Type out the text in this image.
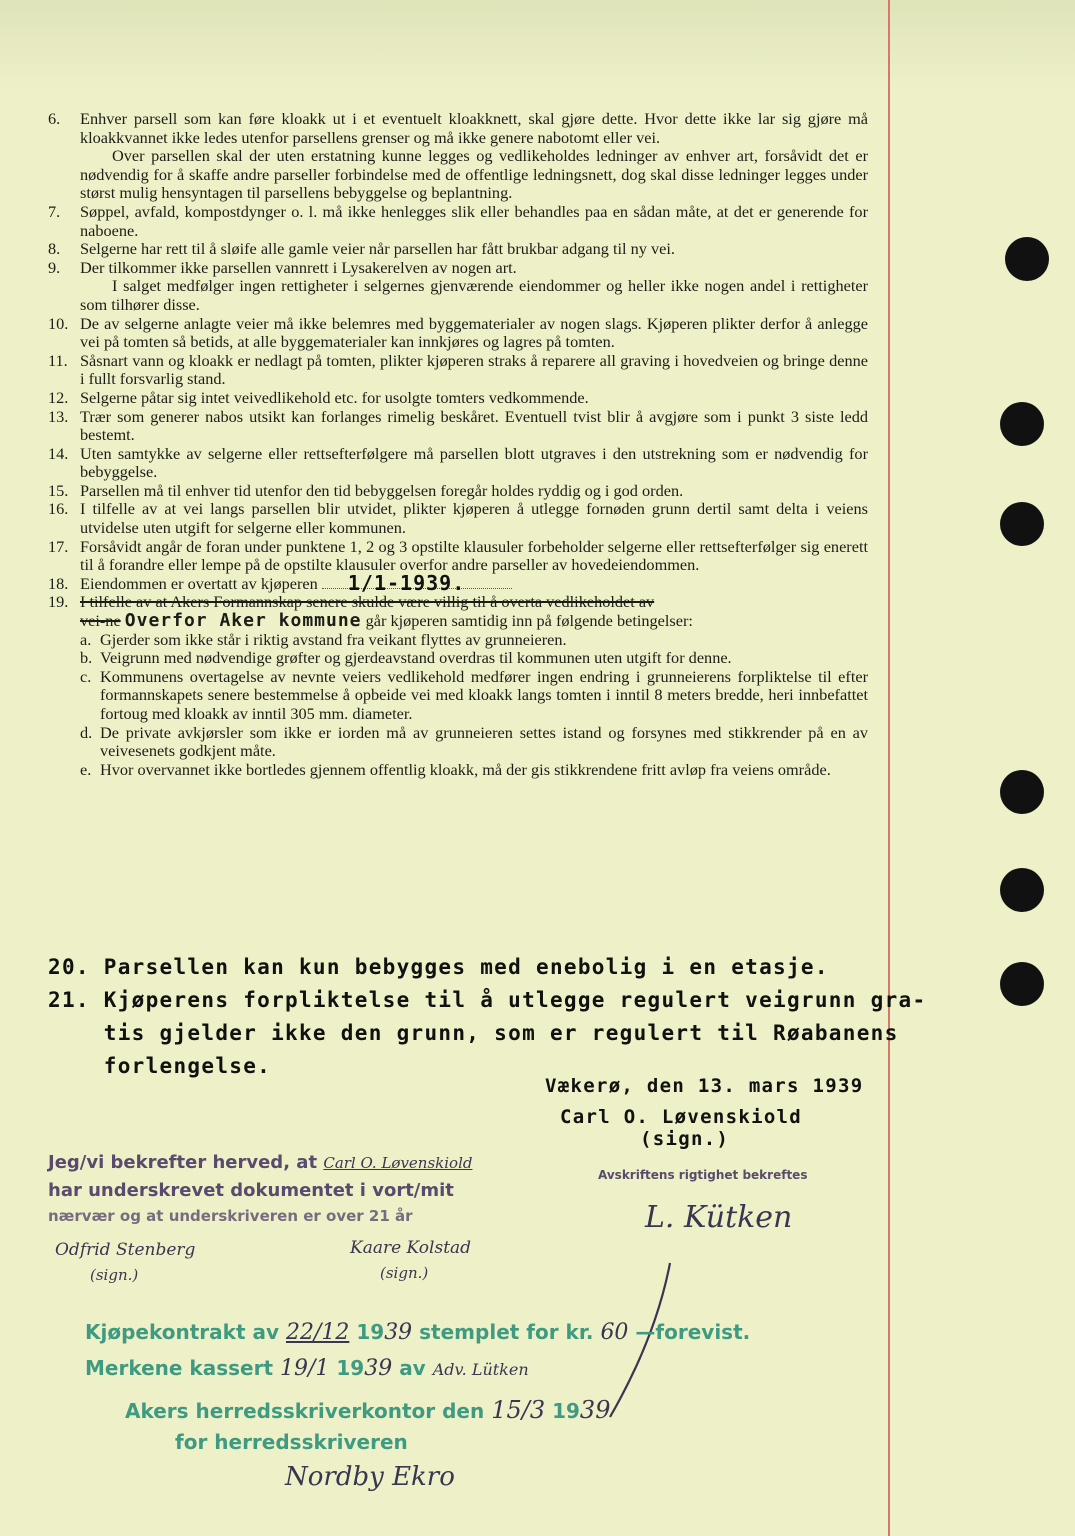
6.	Enhver parsell som kan føre kloakk ut i et eventuelt kloakknett, skal gjøre dette. Hvor dette ikke lar sig gjøre må kloakkvannet ikke ledes utenfor parsellens grenser og må ikke genere nabotomt eller vei.
Over parsellen skal der uten erstatning kunne legges og vedlikeholdes ledninger av enhver art, forsåvidt det er nødvendig for å skaffe andre parseller forbindelse med de offentlige ledningsnett, dog skal disse ledninger legges under størst mulig hensyntagen til parsellens bebyggelse og beplantning.
7.	Søppel, avfald, kompostdynger o. l. må ikke henlegges slik eller behandles paa en sådan måte, at det er generende for naboene.
8.	Selgerne har rett til å sløife alle gamle veier når parsellen har fått brukbar adgang til ny vei.
9.	Der tilkommer ikke parsellen vannrett i Lysakerelven av nogen art.
I salget medfølger ingen rettigheter i selgernes gjenværende eiendommer og heller ikke nogen andel i rettigheter som tilhører disse.
10. De av selgerne anlagte veier må ikke belemres med byggematerialer av nogen slags. Kjøperen plikter derfor å anlegge vei på tomten så betids, at alle byggematerialer kan innkjøres og lagres på tomten.
11. Såsnart vann og kloakk er nedlagt på tomten, plikter kjøperen straks å reparere all graving i hovedveien og bringe denne i fullt forsvarlig stand.
12. Selgerne påtar sig intet veivedlikehold etc. for usolgte tomters vedkommende.
13. Trær som generer nabos utsikt kan forlanges rimelig beskåret. Eventuell tvist blir å avgjøre som i punkt 3 siste ledd bestemt.
14. Uten samtykke av selgerne eller rettsefterfølgere må parsellen blott utgraves i den utstrekning som er nødvendig for bebyggelse.
15. Parsellen må til enhver tid utenfor den tid bebyggelsen foregår holdes ryddig og i god orden.
16. I tilfelle av at vei langs parsellen blir utvidet, plikter kjøperen å utlegge fornøden grunn dertil samt delta i veiens utvidelse uten utgift for selgerne eller kommunen.
17. Forsåvidt angår de foran under punktene 1, 2 og 3 opstilte klausuler forbeholder selgerne eller rettsefterfølger sig enerett til å forandre eller lempe på de opstilte klausuler overfor andre parseller av hovedeiendommen.
18. Eiendommen er overtatt av kjøperen 1/1-1939.
19. I tilfelle av at Akers Formannskap senere skulde være villig til å overta vedlikeholdet av
vei-ne Overfor Aker kommune går kjøperen samtidig inn på følgende betingelser:
a. Gjerder som ikke står i riktig avstand fra veikant flyttes av grunneieren.
b. Veigrunn med nødvendige grøfter og gjerdeavstand overdras til kommunen uten utgift for denne.
c. Kommunens overtagelse av nevnte veiers vedlikehold medfører ingen endring i grunneierens forpliktelse til efter formannskapets senere bestemmelse å opbeide vei med kloakk langs tomten i inntil 8 meters bredde, heri innbefattet fortoug med kloakk av inntil 305 mm. diameter.
d. De private avkjørsler som ikke er iorden må av grunneieren settes istand og forsynes med stikkrender på en av veivesenets godkjent måte.
e. Hvor overvannet ikke bortledes gjennem offentlig kloakk, må der gis stikkrendene fritt avløp fra veiens område.
20. Parsellen kan kun bebygges med enebolig i en etasje.
21. Kjøperens forpliktelse til å utlegge regulert veigrunn gra-
tis gjelder ikke den grunn, som er regulert til Røabanens
forlengelse.
Vækerø, den 13. mars 1939
Carl O. Løvenskiold
(sign.)
Jeg/vi bekrefter herved, at Carl O. Løvenskiold
har underskrevet dokumentet i vort/mit
nærvær og at underskriveren er over 21 år
Odfrid Stenberg
(sign.)
Kaare Kolstad
(sign.)
Avskriftens rigtighet bekreftes
L. Kütken
Kjøpekontrakt av 22/12 1939 stemplet for kr. 60 —forevist.
Merkene kassert 19/1 1939 av Adv. Lütken
Akers herredsskriverkontor den 15/3 1939
for herredsskriveren
Nordby Ekro
